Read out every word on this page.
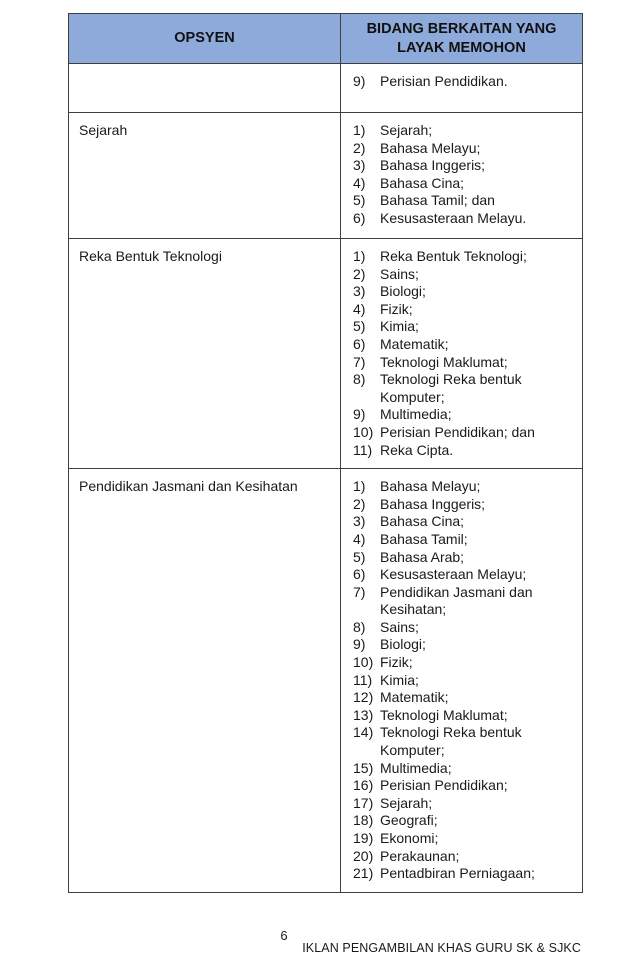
OPSYEN	BIDANG BERKAITAN YANG LAYAK MEMOHON

	9) Perisian Pendidikan.

Sejarah	1)	Sejarah;
2)	Bahasa Melayu;
3)	Bahasa Inggeris;
4)	Bahasa Cina;
5)	Bahasa Tamil; dan
6)	Kesusasteraan Melayu.

Reka Bentuk Teknologi	1)	Reka Bentuk Teknologi;
2)	Sains;
3)	Biologi;
4)	Fizik;
5)	Kimia;
6)	Matematik;
7)	Teknologi Maklumat;
8)	Teknologi Reka bentuk Komputer;
9)	Multimedia;
10) Perisian Pendidikan; dan
11) Reka Cipta.

Pendidikan Jasmani dan Kesihatan	1)	Bahasa Melayu;
2)	Bahasa Inggeris;
3)	Bahasa Cina;
4)	Bahasa Tamil;
5)	Bahasa Arab;
6)	Kesusasteraan Melayu;
7)	Pendidikan Jasmani dan Kesihatan;
8)	Sains;
9)	Biologi;
10) Fizik;
11) Kimia;
12) Matematik;
13) Teknologi Maklumat;
14) Teknologi Reka bentuk Komputer;
15) Multimedia;
16) Perisian Pendidikan;
17) Sejarah;
18) Geografi;
19) Ekonomi;
20) Perakaunan;
21) Pentadbiran Perniagaan;
6
IKLAN PENGAMBILAN KHAS GURU SK & SJKC
